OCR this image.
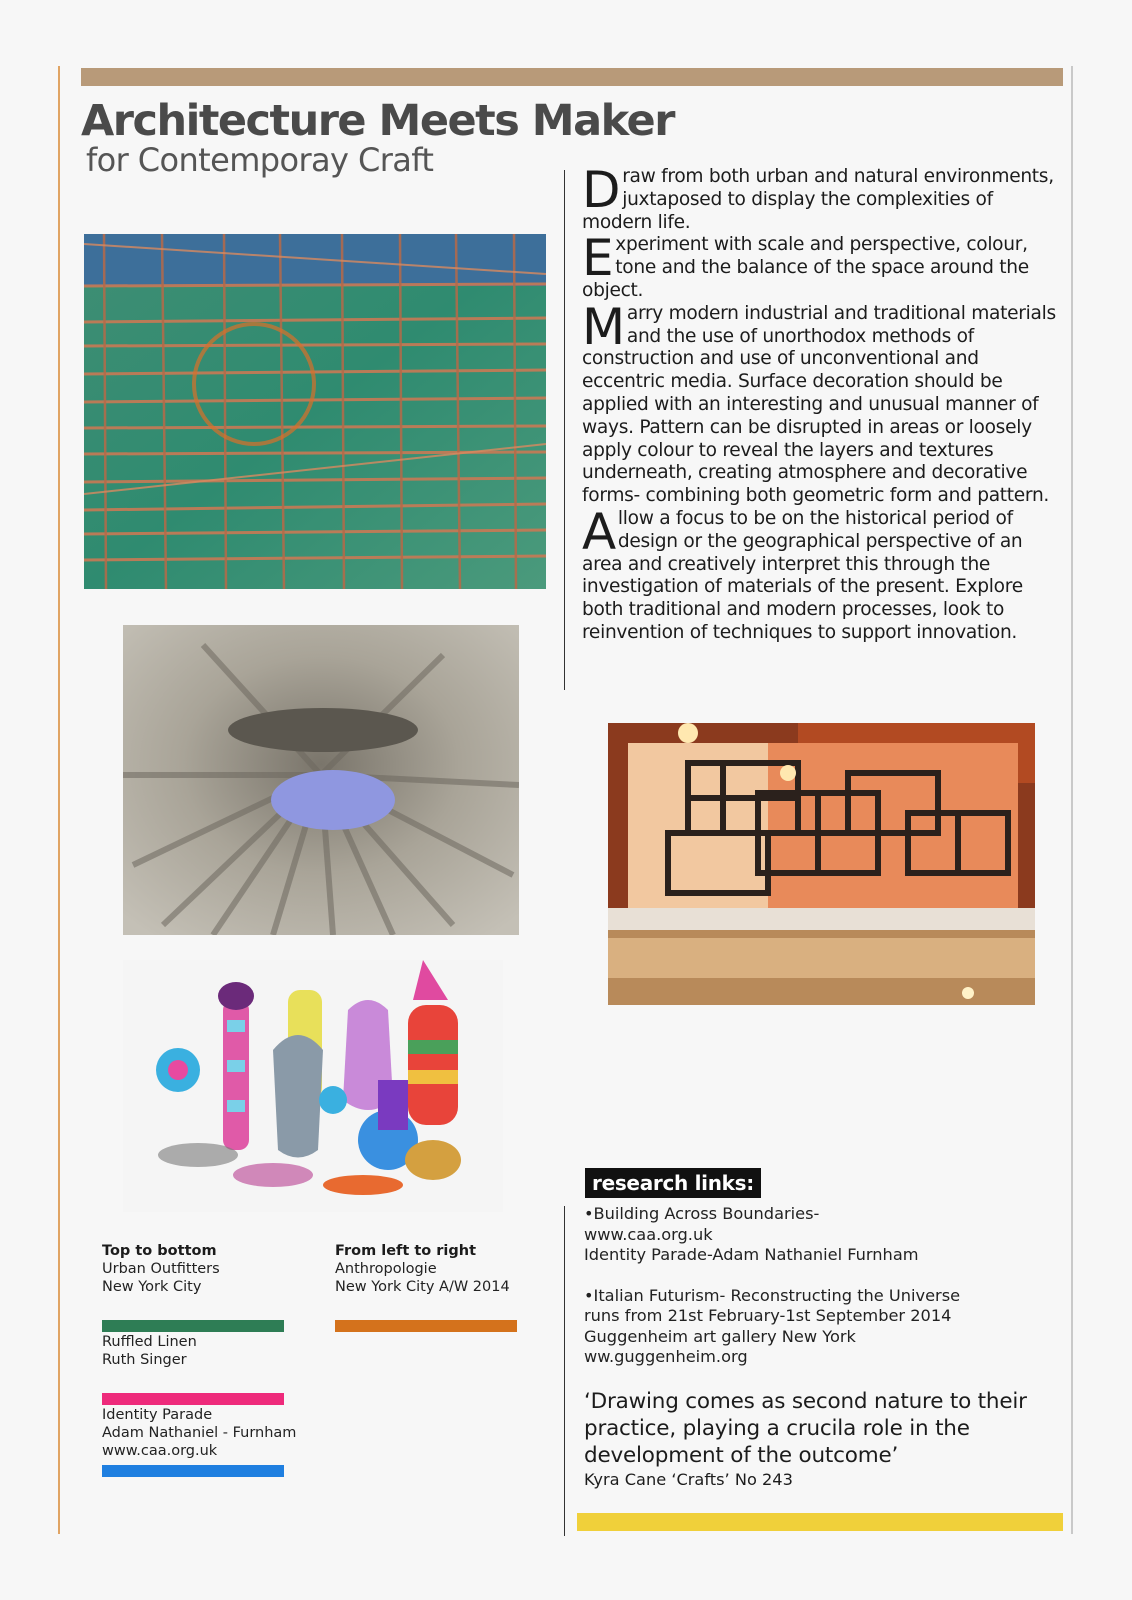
Architecture Meets Maker
for Contemporay Craft

Draw from both urban and natural environments, juxtaposed to display the complexities of modern life.

Experiment with scale and perspective, colour, tone and the balance of the space around the object.

Marry modern industrial and traditional materials and the use of unorthodox methods of construction and use of unconventional and eccentric media. Surface decoration should be applied with an interesting and unusual manner of ways. Pattern can be disrupted in areas or loosely apply colour to reveal the layers and textures underneath, creating atmosphere and decorative forms- combining both geometric form and pattern.

Allow a focus to be on the historical period of design or the geographical perspective of an area and creatively interpret this through the investigation of materials of the present. Explore both traditional and modern processes, look to reinvention of techniques to support innovation.

Top to bottom
Urban Outfitters
New York City
From left to right
Anthropologie
New York City A/W 2014
Ruffled Linen
Ruth Singer
Identity Parade
Adam Nathaniel - Furnham
www.caa.org.uk
research links:

•Building Across Boundaries-

www.caa.org.uk

Identity Parade-Adam Nathaniel Furnham

•Italian Futurism- Reconstructing the Universe

runs from 21st February-1st September 2014

Guggenheim art gallery New York

ww.guggenheim.org

‘Drawing comes as second nature to their practice, playing a crucila role in the development of the outcome’
Kyra Cane ‘Crafts’ No 243
